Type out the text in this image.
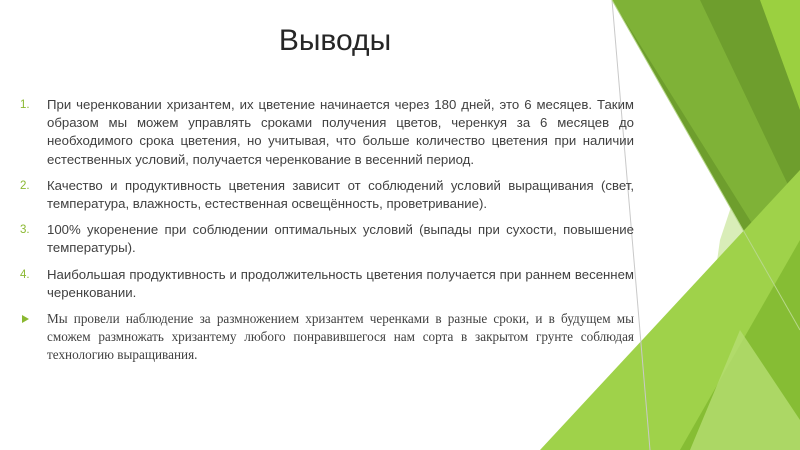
Выводы
1.	При черенковании хризантем, их цветение начинается через 180 дней, это 6 месяцев. Таким образом мы можем управлять сроками получения цветов, черенкуя за 6 месяцев до необходимого срока цветения, но учитывая, что больше количество цветения при наличии естественных условий, получается черенкование в весенний период.
2.	Качество и продуктивность цветения зависит от соблюдений условий выращивания (свет, температура, влажность, естественная освещённость, проветривание).
3.	100% укоренение при соблюдении оптимальных условий (выпады при сухости, повышение температуры).
4.	Наибольшая продуктивность и продолжительность цветения получается при раннем весеннем черенковании.
Мы провели наблюдение за размножением хризантем черенками в разные сроки, и в будущем мы сможем размножать хризантему любого понравившегося нам сорта в закрытом грунте соблюдая технологию выращивания.
